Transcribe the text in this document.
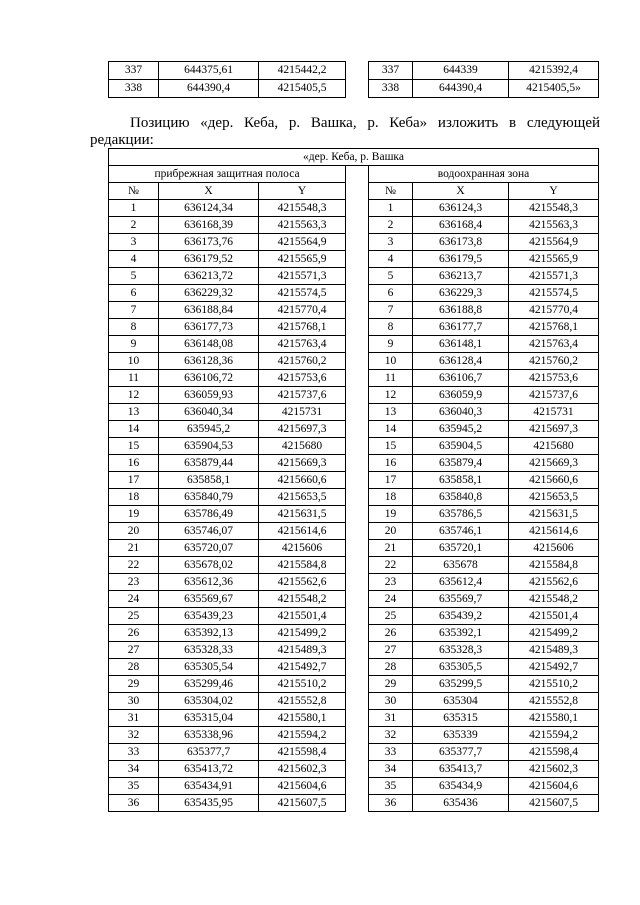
337	644375,61	4215442,2		337	644339	4215392,4
338	644390,4	4215405,5		338	644390,4	4215405,5»

Позицию «дер. Кеба, р. Вашка, р. Кеба» изложить в следующей
редакции:

«дер. Кеба, р. Вашка						
прибрежная защитная полоса				водоохранная зона		
№	X	Y		№	X	Y
1	636124,34	4215548,3		1	636124,3	4215548,3
2	636168,39	4215563,3		2	636168,4	4215563,3
3	636173,76	4215564,9		3	636173,8	4215564,9
4	636179,52	4215565,9		4	636179,5	4215565,9
5	636213,72	4215571,3		5	636213,7	4215571,3
6	636229,32	4215574,5		6	636229,3	4215574,5
7	636188,84	4215770,4		7	636188,8	4215770,4
8	636177,73	4215768,1		8	636177,7	4215768,1
9	636148,08	4215763,4		9	636148,1	4215763,4
10	636128,36	4215760,2		10	636128,4	4215760,2
11	636106,72	4215753,6		11	636106,7	4215753,6
12	636059,93	4215737,6		12	636059,9	4215737,6
13	636040,34	4215731		13	636040,3	4215731
14	635945,2	4215697,3		14	635945,2	4215697,3
15	635904,53	4215680		15	635904,5	4215680
16	635879,44	4215669,3		16	635879,4	4215669,3
17	635858,1	4215660,6		17	635858,1	4215660,6
18	635840,79	4215653,5		18	635840,8	4215653,5
19	635786,49	4215631,5		19	635786,5	4215631,5
20	635746,07	4215614,6		20	635746,1	4215614,6
21	635720,07	4215606		21	635720,1	4215606
22	635678,02	4215584,8		22	635678	4215584,8
23	635612,36	4215562,6		23	635612,4	4215562,6
24	635569,67	4215548,2		24	635569,7	4215548,2
25	635439,23	4215501,4		25	635439,2	4215501,4
26	635392,13	4215499,2		26	635392,1	4215499,2
27	635328,33	4215489,3		27	635328,3	4215489,3
28	635305,54	4215492,7		28	635305,5	4215492,7
29	635299,46	4215510,2		29	635299,5	4215510,2
30	635304,02	4215552,8		30	635304	4215552,8
31	635315,04	4215580,1		31	635315	4215580,1
32	635338,96	4215594,2		32	635339	4215594,2
33	635377,7	4215598,4		33	635377,7	4215598,4
34	635413,72	4215602,3		34	635413,7	4215602,3
35	635434,91	4215604,6		35	635434,9	4215604,6
36	635435,95	4215607,5		36	635436	4215607,5
